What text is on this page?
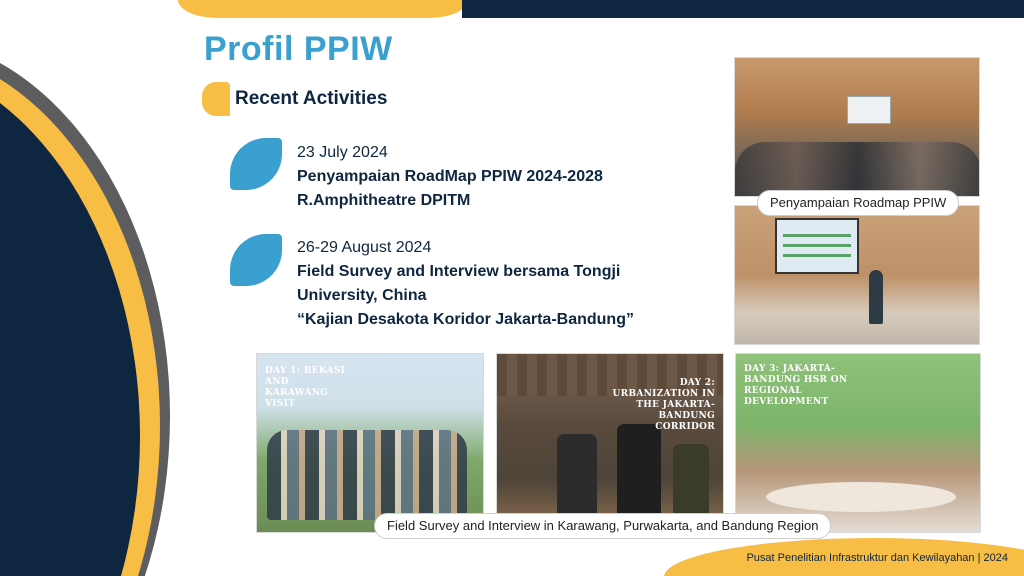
Profil PPIW
Recent Activities
23 July 2024
Penyampaian RoadMap PPIW 2024-2028
R.Amphitheatre DPITM
26-29 August 2024
Field Survey and Interview bersama Tongji
University, China
“Kajian Desakota Koridor Jakarta-Bandung”
Penyampaian Roadmap PPIW
DAY 1: BEKASI AND KARAWANG VISIT
DAY 2: URBANIZATION IN THE JAKARTA-BANDUNG CORRIDOR
DAY 3: JAKARTA-BANDUNG HSR ON REGIONAL DEVELOPMENT
Field Survey and Interview in Karawang, Purwakarta, and Bandung Region
Pusat Penelitian Infrastruktur dan Kewilayahan | 2024
